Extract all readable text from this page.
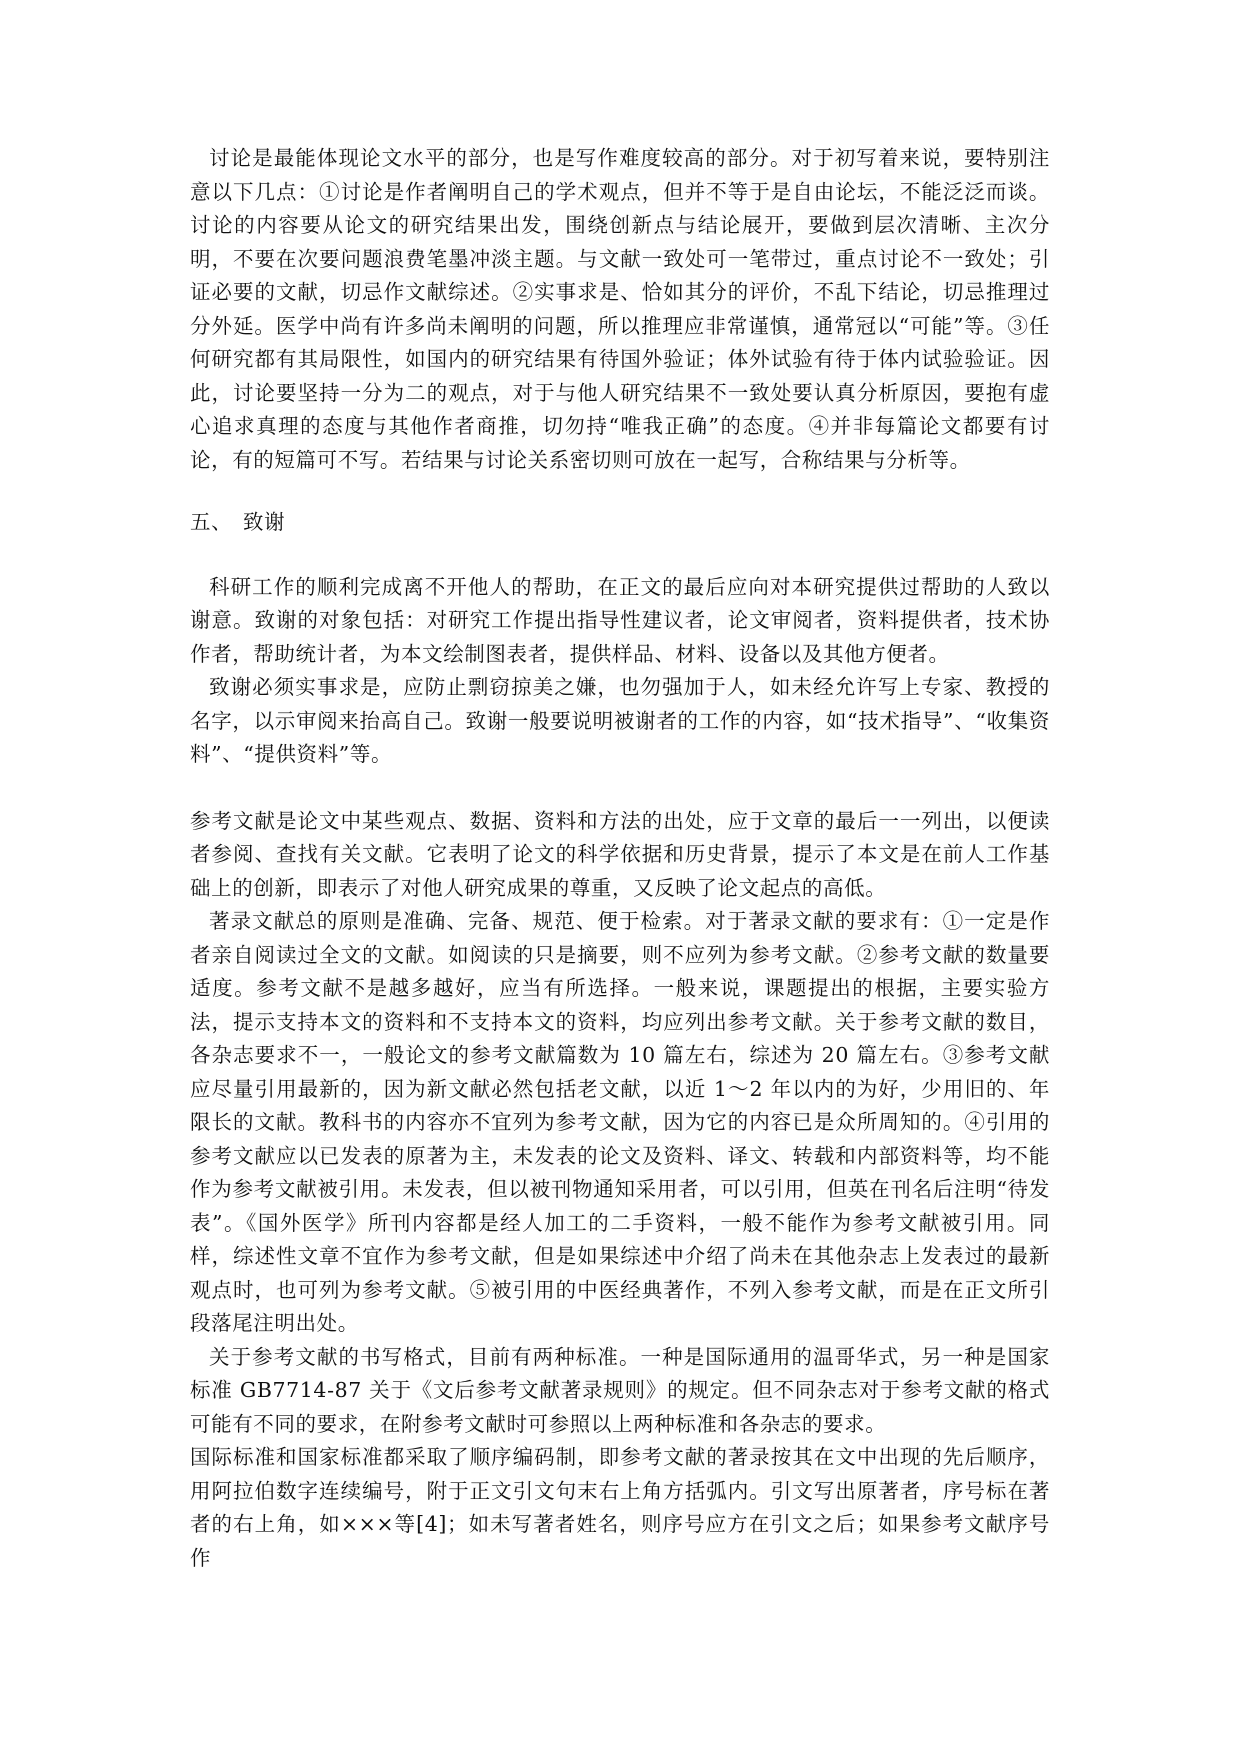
讨论是最能体现论文水平的部分，也是写作难度较高的部分。对于初写着来说，要特别注意以下几点：①讨论是作者阐明自己的学术观点，但并不等于是自由论坛，不能泛泛而谈。讨论的内容要从论文的研究结果出发，围绕创新点与结论展开，要做到层次清晰、主次分明，不要在次要问题浪费笔墨冲淡主题。与文献一致处可一笔带过，重点讨论不一致处；引证必要的文献，切忌作文献综述。②实事求是、恰如其分的评价，不乱下结论，切忌推理过分外延。医学中尚有许多尚未阐明的问题，所以推理应非常谨慎，通常冠以“可能”等。③任何研究都有其局限性，如国内的研究结果有待国外验证；体外试验有待于体内试验验证。因此，讨论要坚持一分为二的观点，对于与他人研究结果不一致处要认真分析原因，要抱有虚心追求真理的态度与其他作者商推，切勿持“唯我正确”的态度。④并非每篇论文都要有讨论，有的短篇可不写。若结果与讨论关系密切则可放在一起写，合称结果与分析等。

五、 致谢

科研工作的顺利完成离不开他人的帮助，在正文的最后应向对本研究提供过帮助的人致以谢意。致谢的对象包括：对研究工作提出指导性建议者，论文审阅者，资料提供者，技术协作者，帮助统计者，为本文绘制图表者，提供样品、材料、设备以及其他方便者。

致谢必须实事求是，应防止剽窃掠美之嫌，也勿强加于人，如未经允许写上专家、教授的名字，以示审阅来抬高自己。致谢一般要说明被谢者的工作的内容，如“技术指导”、“收集资料”、“提供资料”等。

参考文献是论文中某些观点、数据、资料和方法的出处，应于文章的最后一一列出，以便读者参阅、查找有关文献。它表明了论文的科学依据和历史背景，提示了本文是在前人工作基础上的创新，即表示了对他人研究成果的尊重，又反映了论文起点的高低。

著录文献总的原则是准确、完备、规范、便于检索。对于著录文献的要求有：①一定是作者亲自阅读过全文的文献。如阅读的只是摘要，则不应列为参考文献。②参考文献的数量要适度。参考文献不是越多越好，应当有所选择。一般来说，课题提出的根据，主要实验方法，提示支持本文的资料和不支持本文的资料，均应列出参考文献。关于参考文献的数目，各杂志要求不一，一般论文的参考文献篇数为 10 篇左右，综述为 20 篇左右。③参考文献应尽量引用最新的，因为新文献必然包括老文献，以近 1～2 年以内的为好，少用旧的、年限长的文献。教科书的内容亦不宜列为参考文献，因为它的内容已是众所周知的。④引用的参考文献应以已发表的原著为主，未发表的论文及资料、译文、转载和内部资料等，均不能作为参考文献被引用。未发表，但以被刊物通知采用者，可以引用，但英在刊名后注明“待发表”。《国外医学》所刊内容都是经人加工的二手资料，一般不能作为参考文献被引用。同样，综述性文章不宜作为参考文献，但是如果综述中介绍了尚未在其他杂志上发表过的最新观点时，也可列为参考文献。⑤被引用的中医经典著作，不列入参考文献，而是在正文所引段落尾注明出处。

关于参考文献的书写格式，目前有两种标准。一种是国际通用的温哥华式，另一种是国家标准 GB7714-87 关于《文后参考文献著录规则》的规定。但不同杂志对于参考文献的格式可能有不同的要求，在附参考文献时可参照以上两种标准和各杂志的要求。

国际标准和国家标准都采取了顺序编码制，即参考文献的著录按其在文中出现的先后顺序，用阿拉伯数字连续编号，附于正文引文句末右上角方括弧内。引文写出原著者，序号标在著者的右上角，如×××等[4]；如未写著者姓名，则序号应方在引文之后；如果参考文献序号作
